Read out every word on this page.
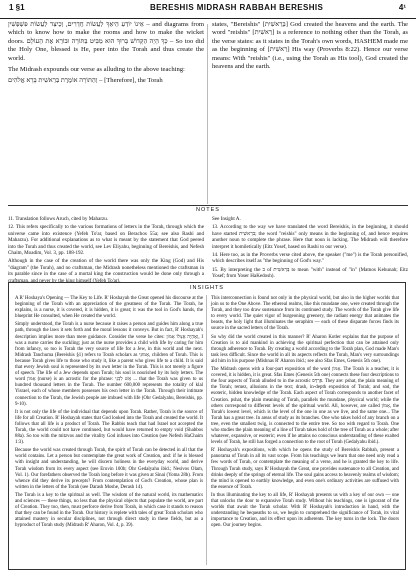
1 §1	BERESHIS MIDRASH RABBAH BERESHIS	4¹

אֵינוֹ יוֹדֵעַ הֵיאַךְ לַעֲשׂוֹת חֲדָרִים, וְכֵיצַד לַעֲשׂוֹת פִּשְׁפְּשִׁין – and diagrams from which to know how to make the rooms and how to make the wicket doors. כָּךְ הָיָה הַקָּדוֹשׁ בָּרוּךְ הוּא מַבִּיט בַּתּוֹרָה וּבוֹרֵא אֶת הָעוֹלָם – So too did the Holy One, blessed is He, peer into the Torah and thus create the world.

The Midrash expounds our verse as alluding to the above teaching:

וְהַתּוֹרָה אוֹמֶרֶת בְּרֵאשִׁית בָּרָא אֱלֹהִים – [Therefore], the Torah

states, "Bereishis" [בְּרֵאשִׁית] God created the heavens and the earth. The word "reishis" [רֵאשִׁית] is a reference to nothing other than the Torah, as the verse states: as it states in the Torah's own words, HASHEM made me as the beginning of [רֵאשִׁית] His way (Proverbs 8:22). Hence our verse means: With "reishis" (i.e., using the Torah as His tool), God created the heavens and the earth.

NOTES

11. Translation follows Aruch, cited by Maharzu.

12. This refers specifically to the various formations of letters in the Torah, through which the universe came into existence (Yefeh To'ar, based on Berachos 55a; see also Rashi and Maharzu). For additional explanations as to what is meant by the statement that God peered into the Torah and thus created the world, see Lev Eliyahu, beginning of Bereishis, and Nefesh Chaim, Moadim, Vol. 3, pp. 188-192.

Although in the case of the creation of the world there was only the King (God) and His "diagram" (the Torah), and no craftsman, the Midrash nonetheless mentioned the craftsman in its parable since in the case of a mortal king the construction would be done only through a craftsman, and never by the king himself (Yefeh To'ar).

See Insight A.

13. According to the way we have translated the word Bereishis, in the beginning, it should have started ברֵאשִׁית; the word "reishis" only means in the beginning of, and hence requires another noun to complete the phrase. Here that noun is lacking. The Midrash will therefore interpret it homiletically (Eitz Yosef, based on Rashi to our verse).

14. Here too, as in the Proverbs verse cited above, the speaker ("me") is the Torah personified, which describes itself as "the beginning of God's way."

15. By interpreting the ב of בְּרֵאשִׁית to mean "with" instead of "in" (Matnos Kehunah; Eitz Yosef; from Yoser HaKedosh).

INSIGHTS

A R' Hoshaya's Opening — The Key to Life. R' Hoshayah the Great opened his discourse at the beginning of the Torah with an appreciation of the greatness of the Torah. The Torah, he explains, is a nurse, it is covered, it is hidden, it is great; it was the tool in God's hands, the blueprint He consulted, when He created the world.

Simply understood, the Torah is a nurse because it raises a person and guides him along a true path, through the laws it sets forth and the moral lessons it conveys. But in fact, R' Hoshayah's description implies more than mere guidance. Consider the verse he cites: וָאֶהְיֶה אֶצְלוֹ אָמוֹן, I was a nurse carries the suckling; just as the nurse provides a child with life by caring for him from infancy, so too is Torah the very source of life for a Jew, in this world and the next. Midrash Tanchuma (Bereishis §1) refers to Torah scholars as אֵמוּנַי, children of Torah. This is because Torah gives life to those who study it, like a parent who gives life to a child. It is said that every Jewish soul is represented by its own letter in the Torah. This is not merely a figure of speech. The life of a Jew depends upon Torah; his soul is nourished by its holy letters. The word אָמוֹן (nurse) is an acrostic for the phrase: אֵשׁ לִבְנֵי ... that the Torah was given to us hundred thousand letters in the Torah. The number 600,000 represents the totality of klal Yisrael, each of whose members possesses his own letter in the Torah. Through their intimate connection to the Torah, the Jewish people are imbued with life (Ohr Gedalyahu, Bereishis, pp. 9-10).

It is not only the life of the individual that depends upon Torah. Rather, Torah is the source of life for all Creation. R' Hoshayah states that God looked into the Torah and created the world. It follows that all life is a product of Torah. The Rabbis teach that had Israel not accepted the Torah, the world could not have continued, but would have returned to empty void (Shabbos 88a). So too with the mitzvos and the vitality God infuses into Creation (see Nefesh HaChaim 1:3).

Because the world was created through Torah, the spirit of Torah can be detected in all that the world contains. Let a person but contemplate the great work of Creation, and: if he is blessed with insight and understanding, he will discern holiness in the everyday world, and derive Torah wisdom from its every aspect (see Eruvin 100b; Ohr Gedalyahu ibid.; Nesivos Olam, Vol. 1). Our forefathers observed the Torah long before it was given at Sinai (Yoma 28b). From whence did they derive its precepts? From contemplation of God's Creation, whose plan is written in the letters of the Torah (see Darash Moshe, Derash 14).

The Torah is a key to the spiritual as well. The wisdom of the natural world, its mathematics and sciences — these things, no less than the physical objects that populate the world, are part of Creation. They too, then, must perforce derive from Torah, in which case it stands to reason that they can be found in the Torah. Our history is replete with tales of great Torah scholars who attained mastery in secular disciplines, not through direct study in these fields, but as a byproduct of Torah study (Midrash R' Aharon, Vol. 4, p. 39).

This interconnection is found not only in the physical world, but also in the higher worlds that join us to the One Above. The ethereal realms, like this mundane one, were created through the Torah, and they too draw sustenance from its continued study. The words of the Torah give life to every world. The quiet vigor of burgeoning greenery, the radiant energy that animates the beasts, the holy light that illuminates the seraphim — each of these disparate forces finds its source in the sacred letters of the Torah.

So why did the world created in this manner? R' Aharon Kotler explains that the purpose of Creation is to aid mankind in achieving the spiritual perfection that can be attained only through adherence to Torah. By creating a world according to the Torah plan, God made Man's task less difficult. Since the world in all its aspects reflects the Torah, Man's very surroundings aid him in his purpose (Mishnas R' Aharon ibid.; see also Sfas Emes, Genesis 5th one).

The Midrash opens with a four-part exposition of the word אָמוֹן. The Torah is a teacher, it is covered, it is hidden, it is great. Sfas Emes (Genesis 5th one) connects these four descriptions to the four aspects of Torah alluded to in the acrostic פַּרְדֵּס. They are: pshat, the plain meaning of the Torah; remez, allusions in the text; drash, in-depth exposition of Torah; and sod, the esoteric, hidden knowledge of the Torah. Each aspect of Torah corresponds to another facet of Creation. pshat, the plain meaning of Torah, parallels the mundane, physical world; while the others correspond to different levels of the spiritual world. All, however, are called אָמוֹן, the Torah's lowest level, which is the level of the one in one as we live, and the same one... The Torah has a great tree. In areas of study as its branches. One who takes hold of any branch on a tree, even the smallest twig, is connected to the entire tree. So too with regard to Torah. One who studies the plain meaning of a line of Torah takes hold of the tree of Torah as a whole; after whatever, expansive, or esoteric; even if he attains no conscious understanding of these exalted levels of Torah, he still has forged a connection to the root of Torah (Gedalyahu ibid.).

R' Hoshayah's expositions, with which he opens the study of Bereishis Rabbah, present a panorama of Torah in all its vast scope. From his teachings we learn that one need only read a few words of Torah, or contemplate the meaning of a verse, and he is granted the key to life. Through Torah study, says R' Hoshayah the Great, one provides sustenance to all Creation, and drinks deeply of the springs of eternal life. The soul gains access to heavenly realms of wisdom; the mind is opened to earthly knowledge, and even one's ordinary activities are suffused with the essence of Torah.

In thus illuminating the key to all life, R' Hoshayah presents us with a key of our own — one that unlocks the door to expansive Torah study. Without his teachings, one is ignorant of the worlds that await the Torah scholar. With R' Hoshayah's introduction in hand, with the understanding he bequeaths to us, we begin to comprehend the significance of Torah, its vital importance to Creation, and its effect upon its adherents. The key turns in the lock. The doors open. Our journey begins.
